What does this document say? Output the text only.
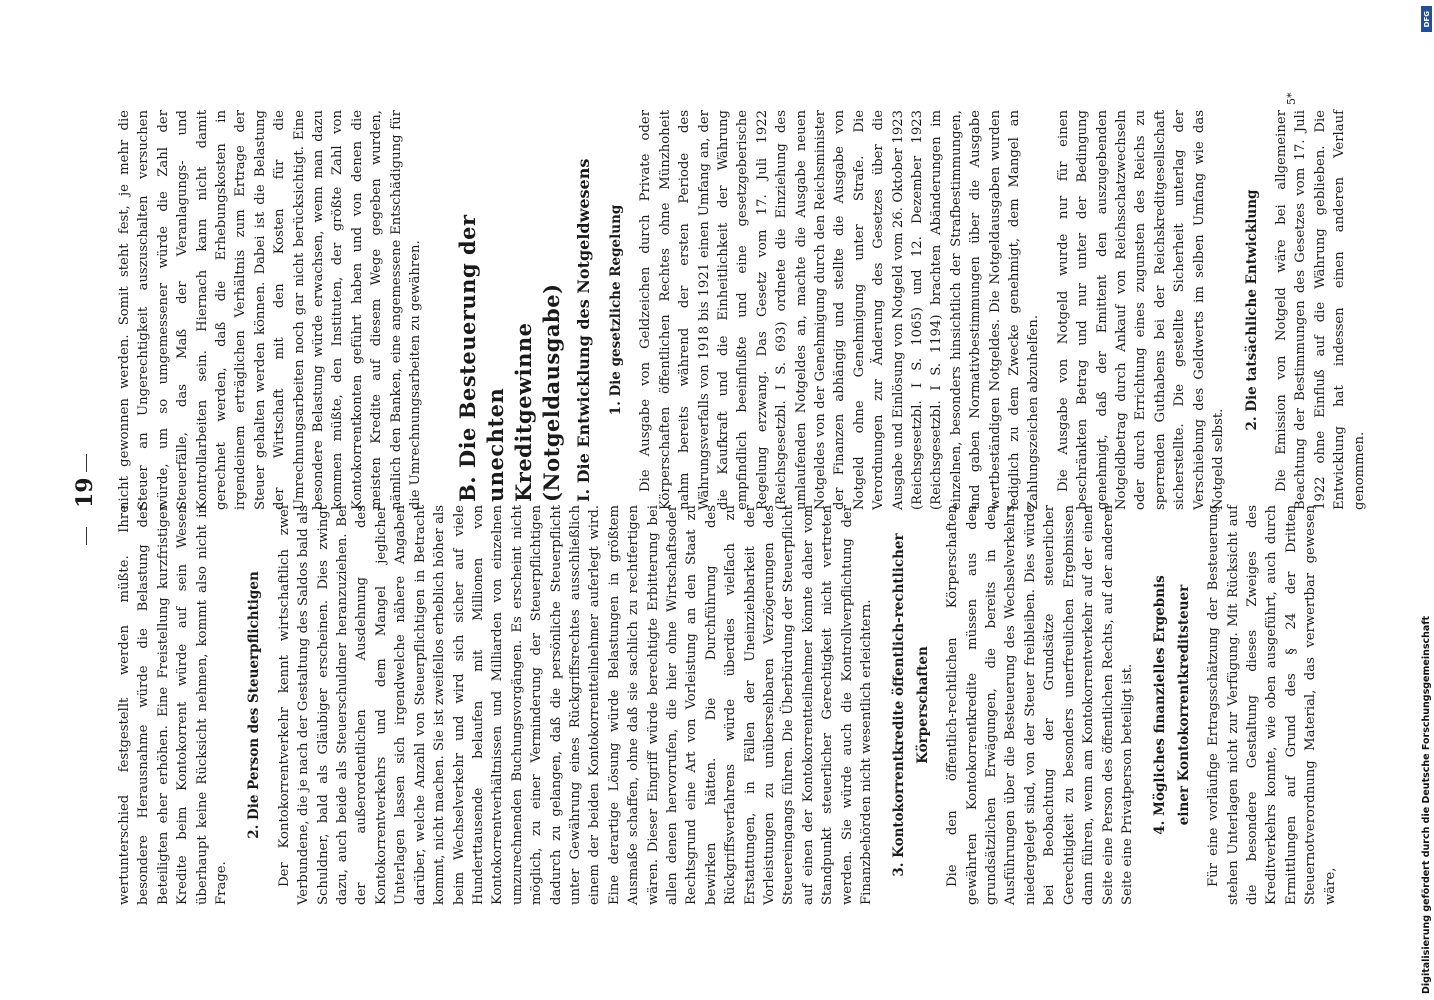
19

wertunterschied festgestellt werden müßte. Ihre besondere Herausnahme würde die Belastung der Beteiligten eher erhöhen. Eine Freistellung kurzfristiger Kredite beim Kontokorrent würde auf sein Wesen überhaupt keine Rücksicht nehmen, kommt also nicht in Frage.

2. Die Person des Steuerpflichtigen Der Kontokorrentverkehr kennt wirtschaftlich zwei Verbundene, die je nach der Gestaltung des Saldos bald als Schuldner, bald als Gläubiger erscheinen. Dies zwingt dazu, auch beide als Steuerschuldner heranzuziehen. Bei der außerordentlichen Ausdehnung des Kontokorrentverkehrs und dem Mangel jeglicher Unterlagen lassen sich irgendwelche nähere Angaben darüber, welche Anzahl von Steuerpflichtigen in Betracht kommt, nicht machen. Sie ist zweifellos erheblich höher als beim Wechselverkehr und wird sich sicher auf viele Hunderttausende belaufen mit Millionen von Kontokorrentverhältnissen und Milliarden von einzelnen umzurechnenden Buchungsvorgängen. Es erscheint nicht möglich, zu einer Verminderung der Steuerpflichtigen dadurch zu gelangen, daß die persönliche Steuerpflicht unter Gewährung eines Rückgriffsrechtes ausschließlich einem der beiden Kontokorrentteilnehmer auferlegt wird. Eine derartige Lösung würde Belastungen in größtem Ausmaße schaffen, ohne daß sie sachlich zu rechtfertigen wären. Dieser Eingriff würde berechtigte Erbitterung bei allen denen hervorrufen, die hier ohne Wirtschaftsoder Rechtsgrund eine Art von Vorleistung an den Staat zu bewirken hätten. Die Durchführung des Rückgriffsverfahrens würde überdies vielfach zu Erstattungen, in Fällen der Uneinziehbarkeit der Vorleistungen zu unübersehbaren Verzögerungen des Steuereingangs führen. Die Überbürdung der Steuerpflicht auf einen der Kontokorrentteilnehmer könnte daher vom Standpunkt steuerlicher Gerechtigkeit nicht vertreten werden. Sie würde auch die Kontrollverpflichtung der Finanzbehörden nicht wesentlich erleichtern. 3. Kontokorrentkredite öffentlich-rechtlicher Körperschaften Die den öffentlich-rechtlichen Körperschaften gewährten Kontokorrentkredite müssen aus den grundsätzlichen Erwägungen, die bereits in den Ausführungen über die Besteuerung des Wechselverkehrs niedergelegt sind, von der Steuer freibleiben. Dies würde bei Beobachtung der Grundsätze steuerlicher Gerechtigkeit zu besonders unerfreulichen Ergebnissen dann führen, wenn am Kontokorrentverkehr auf der einen Seite eine Person des öffentlichen Rechts, auf der anderen Seite eine Privatperson beteiligt ist. 4. Mögliches finanzielles Ergebnis einer Kontokorrentkreditsteuer Für eine vorläufige Ertragsschätzung der Besteuerung stehen Unterlagen nicht zur Verfügung. Mit Rücksicht auf die besondere Gestaltung dieses Zweiges des Kreditverkehrs konnte, wie oben ausgeführt, auch durch Ermittlungen auf Grund des § 24 der Dritten Steuernotverordnung Material, das verwertbar gewesen wäre,

nicht gewonnen werden. Somit steht fest, je mehr die Steuer an Ungerechtigkeit auszuschalten versuchen würde, um so umgemessener würde die Zahl der Steuerfälle, das Maß der Veranlagungs- und Kontrollarbeiten sein. Hiernach kann nicht damit gerechnet werden, daß die Erhebungskosten in irgendeinem erträglichen Verhältnis zum Ertrage der Steuer gehalten werden können. Dabei ist die Belastung der Wirtschaft mit den Kosten für die Umrechnungsarbeiten noch gar nicht berücksichtigt. Eine besondere Belastung würde erwachsen, wenn man dazu kommen müßte, den Instituten, der größte Zahl von Kontokorrentkonten geführt haben und von denen die meisten Kredite auf diesem Wege gegeben wurden, nämlich den Banken, eine angemessene Entschädigung für die Umrechnungsarbeiten zu gewähren. B. Die Besteuerung der unechten Kreditgewinne (Notgeldausgabe) I. Die Entwicklung des Notgeldwesens 1. Die gesetzliche Regelung Die Ausgabe von Geldzeichen durch Private oder Körperschaften öffentlichen Rechtes ohne Münzhoheit nahm bereits während der ersten Periode des Währungsverfalls von 1918 bis 1921 einen Umfang an, der die Kaufkraft und die Einheitlichkeit der Währung empfindlich beeinflußte und eine gesetzgeberische Regelung erzwang. Das Gesetz vom 17. Juli 1922 (Reichsgesetzbl. I S. 693) ordnete die Einziehung des umlaufenden Notgeldes an, machte die Ausgabe neuen Notgeldes von der Genehmigung durch den Reichsminister der Finanzen abhängig und stellte die Ausgabe von Notgeld ohne Genehmigung unter Strafe. Die Verordnungen zur Änderung des Gesetzes über die Ausgabe und Einlösung von Notgeld vom 26. Oktober 1923 (Reichsgesetzbl. I S. 1065) und 12. Dezember 1923 (Reichsgesetzbl. I S. 1194) brachten Abänderungen im einzelnen, besonders hinsichtlich der Strafbestimmungen, und gaben Normativbestimmungen über die Ausgabe wertbeständigen Notgeldes. Die Notgeldausgaben wurden lediglich zu dem Zwecke genehmigt, dem Mangel an Zahlungszeichen abzuhelfen. Die Ausgabe von Notgeld wurde nur für einen beschränkten Betrag und nur unter der Bedingung genehmigt, daß der Emittent den auszugebenden Notgeldbetrag durch Ankauf von Reichsschatzwechseln oder durch Errichtung eines zugunsten des Reichs zu sperrenden Guthabens bei der Reichskreditgesellschaft sicherstellte. Die gestellte Sicherheit unterlag der Verschiebung des Geldwerts im selben Umfang wie das Notgeld selbst.

2. Die tatsächliche Entwicklung Die Emission von Notgeld wäre bei allgemeiner Beachtung der Bestimmungen des Gesetzes vom 17. Juli 1922 ohne Einfluß auf die Währung geblieben. Die Entwicklung hat indessen einen anderen Verlauf genommen.

5*
DFG
Digitalisierung gefördert durch die Deutsche Forschungsgemeinschaft
